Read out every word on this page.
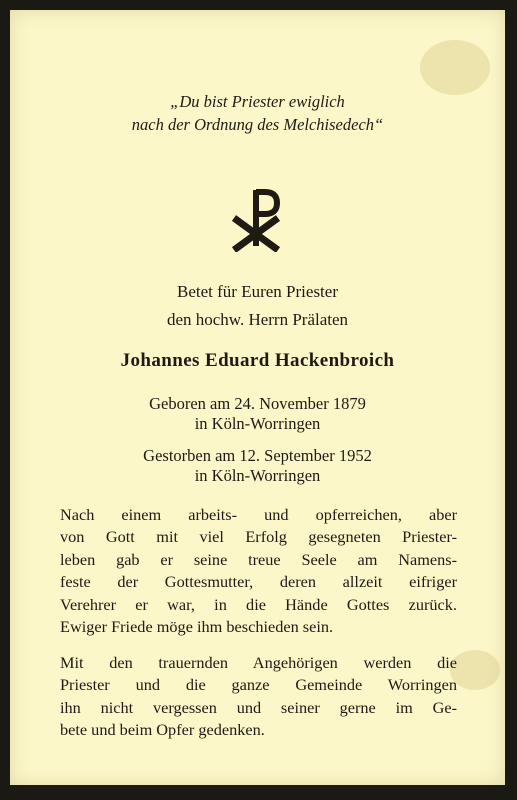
„Du bist Priester ewiglich
nach der Ordnung des Melchisedech“
Betet für Euren Priester
den hochw. Herrn Prälaten
Johannes Eduard Hackenbroich
Geboren am 24. November 1879
in Köln-Worringen
Gestorben am 12. September 1952
in Köln-Worringen
Nach einem arbeits- und opferreichen, aber
von Gott mit viel Erfolg gesegneten Priester-
leben gab er seine treue Seele am Namens-
feste der Gottesmutter, deren allzeit eifriger
Verehrer er war, in die Hände Gottes zurück.
Ewiger Friede möge ihm beschieden sein.
Mit den trauernden Angehörigen werden die
Priester und die ganze Gemeinde Worringen
ihn nicht vergessen und seiner gerne im Ge-
bete und beim Opfer gedenken.
